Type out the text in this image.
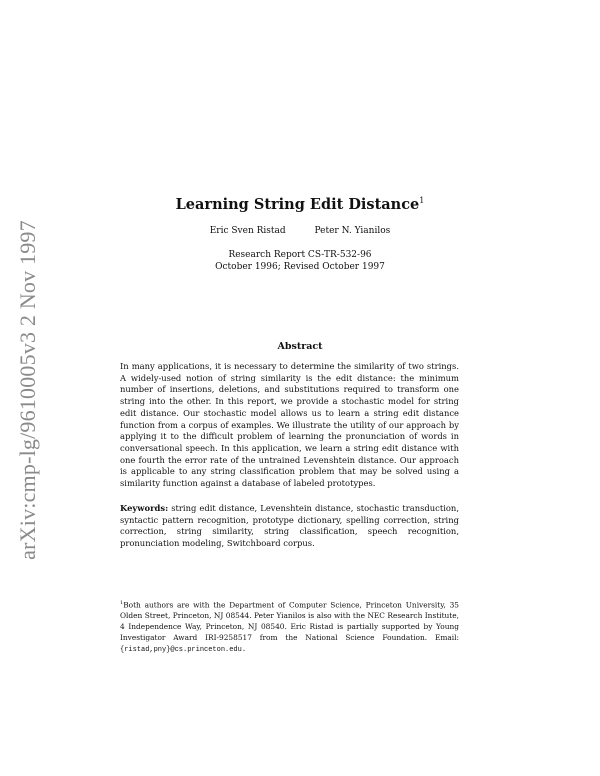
arXiv:cmp-lg/9610005v3 2 Nov 1997
Learning String Edit Distance$^1$
Eric Sven Ristad	Peter N. Yianilos
Research Report CS-TR-532-96
October 1996; Revised October 1997
Abstract
In many applications, it is necessary to determine the similarity of two strings. A widely-used notion of string similarity is the edit distance: the minimum number of insertions, deletions, and substitutions required to transform one string into the other. In this report, we provide a stochastic model for string edit distance. Our stochastic model allows us to learn a string edit distance function from a corpus of examples. We illustrate the utility of our approach by applying it to the difficult problem of learning the pronunciation of words in conversational speech. In this application, we learn a string edit distance with one fourth the error rate of the untrained Levenshtein distance. Our approach is applicable to any string classification problem that may be solved using a similarity function against a database of labeled prototypes.
Keywords: string edit distance, Levenshtein distance, stochastic transduction, syntactic pattern recognition, prototype dictionary, spelling correction, string correction, string similarity, string classification, speech recognition, pronunciation modeling, Switchboard corpus.
$^1$Both authors are with the Department of Computer Science, Princeton University, 35 Olden Street, Princeton, NJ 08544. Peter Yianilos is also with the NEC Research Institute, 4 Independence Way, Princeton, NJ 08540. Eric Ristad is partially supported by Young Investigator Award IRI-9258517 from the National Science Foundation. Email: {ristad,pny}@cs.princeton.edu.
